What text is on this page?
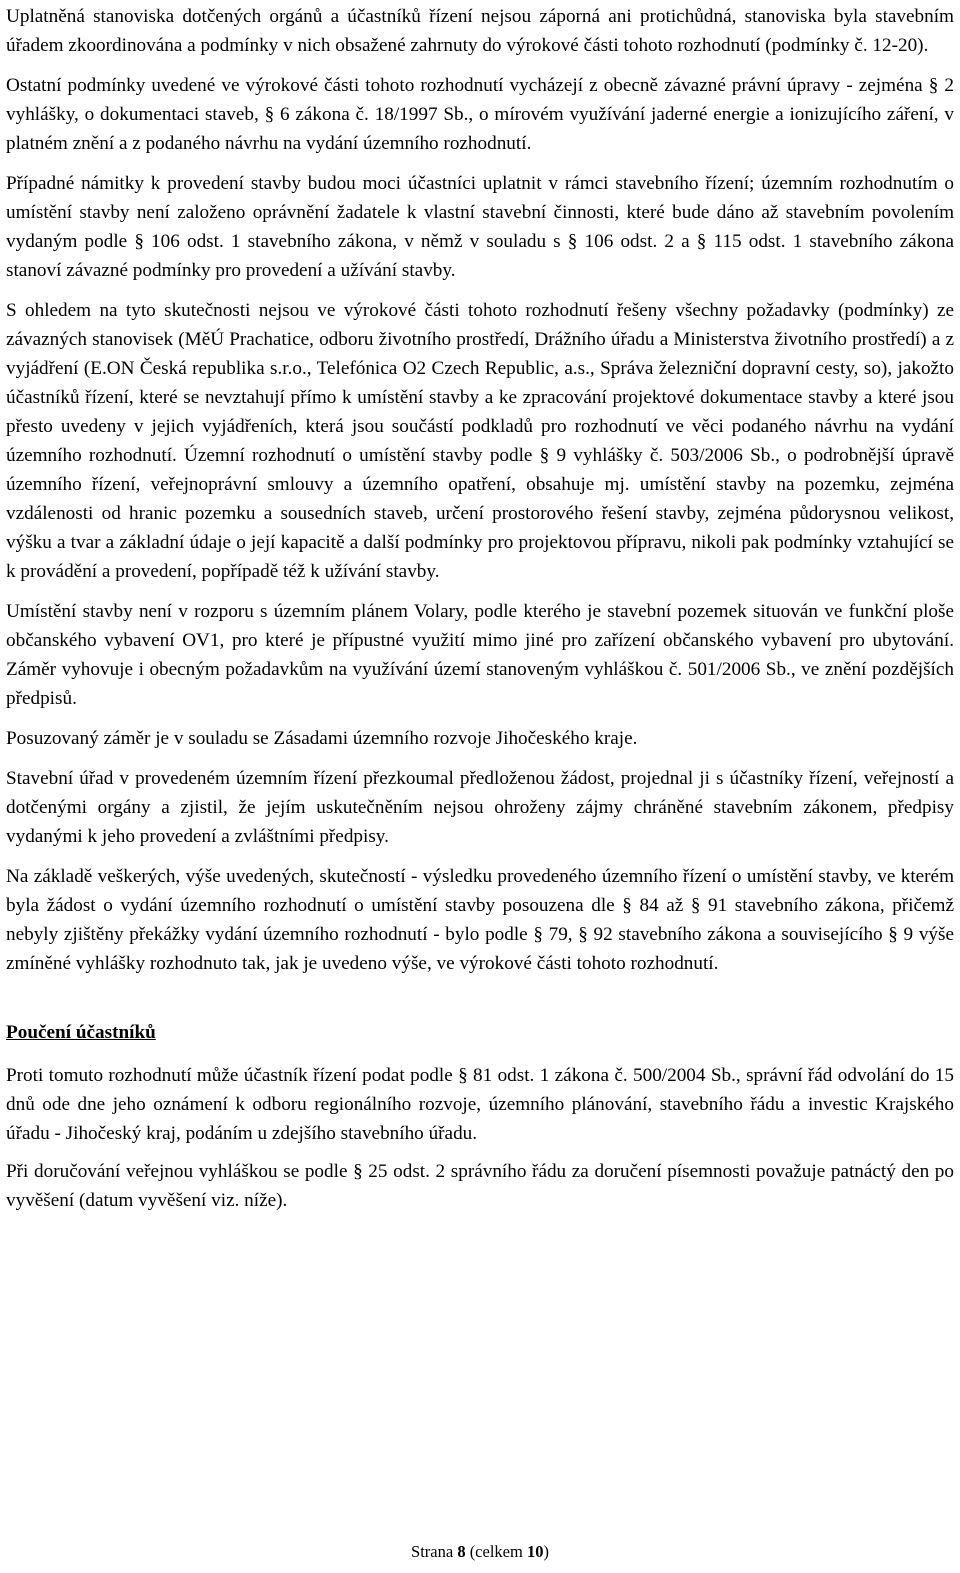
Uplatněná stanoviska dotčených orgánů a účastníků řízení nejsou záporná ani protichůdná, stanoviska byla stavebním úřadem zkoordinována a podmínky v nich obsažené zahrnuty do výrokové části tohoto rozhodnutí (podmínky č. 12-20).

Ostatní podmínky uvedené ve výrokové části tohoto rozhodnutí vycházejí z obecně závazné právní úpravy - zejména § 2 vyhlášky, o dokumentaci staveb, § 6 zákona č. 18/1997 Sb., o mírovém využívání jaderné energie a ionizujícího záření, v platném znění a z podaného návrhu na vydání územního rozhodnutí.

Případné námitky k provedení stavby budou moci účastníci uplatnit v rámci stavebního řízení; územním rozhodnutím o umístění stavby není založeno oprávnění žadatele k vlastní stavební činnosti, které bude dáno až stavebním povolením vydaným podle § 106 odst. 1 stavebního zákona, v němž v souladu s § 106 odst. 2 a § 115 odst. 1 stavebního zákona stanoví závazné podmínky pro provedení a užívání stavby.

S ohledem na tyto skutečnosti nejsou ve výrokové části tohoto rozhodnutí řešeny všechny požadavky (podmínky) ze závazných stanovisek (MěÚ Prachatice, odboru životního prostředí, Drážního úřadu a Ministerstva životního prostředí) a z vyjádření (E.ON Česká republika s.r.o., Telefónica O2 Czech Republic, a.s., Správa železniční dopravní cesty, so), jakožto účastníků řízení, které se nevztahují přímo k umístění stavby a ke zpracování projektové dokumentace stavby a které jsou přesto uvedeny v jejich vyjádřeních, která jsou součástí podkladů pro rozhodnutí ve věci podaného návrhu na vydání územního rozhodnutí. Územní rozhodnutí o umístění stavby podle § 9 vyhlášky č. 503/2006 Sb., o podrobnější úpravě územního řízení, veřejnoprávní smlouvy a územního opatření, obsahuje mj. umístění stavby na pozemku, zejména vzdálenosti od hranic pozemku a sousedních staveb, určení prostorového řešení stavby, zejména půdorysnou velikost, výšku a tvar a základní údaje o její kapacitě a další podmínky pro projektovou přípravu, nikoli pak podmínky vztahující se k provádění a provedení, popřípadě též k užívání stavby.

Umístění stavby není v rozporu s územním plánem Volary, podle kterého je stavební pozemek situován ve funkční ploše občanského vybavení OV1, pro které je přípustné využití mimo jiné pro zařízení občanského vybavení pro ubytování. Záměr vyhovuje i obecným požadavkům na využívání území stanoveným vyhláškou č. 501/2006 Sb., ve znění pozdějších předpisů.

Posuzovaný záměr je v souladu se Zásadami územního rozvoje Jihočeského kraje.

Stavební úřad v provedeném územním řízení přezkoumal předloženou žádost, projednal ji s účastníky řízení, veřejností a dotčenými orgány a zjistil, že jejím uskutečněním nejsou ohroženy zájmy chráněné stavebním zákonem, předpisy vydanými k jeho provedení a zvláštními předpisy.

Na základě veškerých, výše uvedených, skutečností - výsledku provedeného územního řízení o umístění stavby, ve kterém byla žádost o vydání územního rozhodnutí o umístění stavby posouzena dle § 84 až § 91 stavebního zákona, přičemž nebyly zjištěny překážky vydání územního rozhodnutí - bylo podle § 79, § 92 stavebního zákona a souvisejícího § 9 výše zmíněné vyhlášky rozhodnuto tak, jak je uvedeno výše, ve výrokové části tohoto rozhodnutí.

Poučení účastníků

Proti tomuto rozhodnutí může účastník řízení podat podle § 81 odst. 1 zákona č. 500/2004 Sb., správní řád odvolání do 15 dnů ode dne jeho oznámení k odboru regionálního rozvoje, územního plánování, stavebního řádu a investic Krajského úřadu - Jihočeský kraj, podáním u zdejšího stavebního úřadu.

Při doručování veřejnou vyhláškou se podle § 25 odst. 2 správního řádu za doručení písemnosti považuje patnáctý den po vyvěšení (datum vyvěšení viz. níže).

Strana 8 (celkem 10)
